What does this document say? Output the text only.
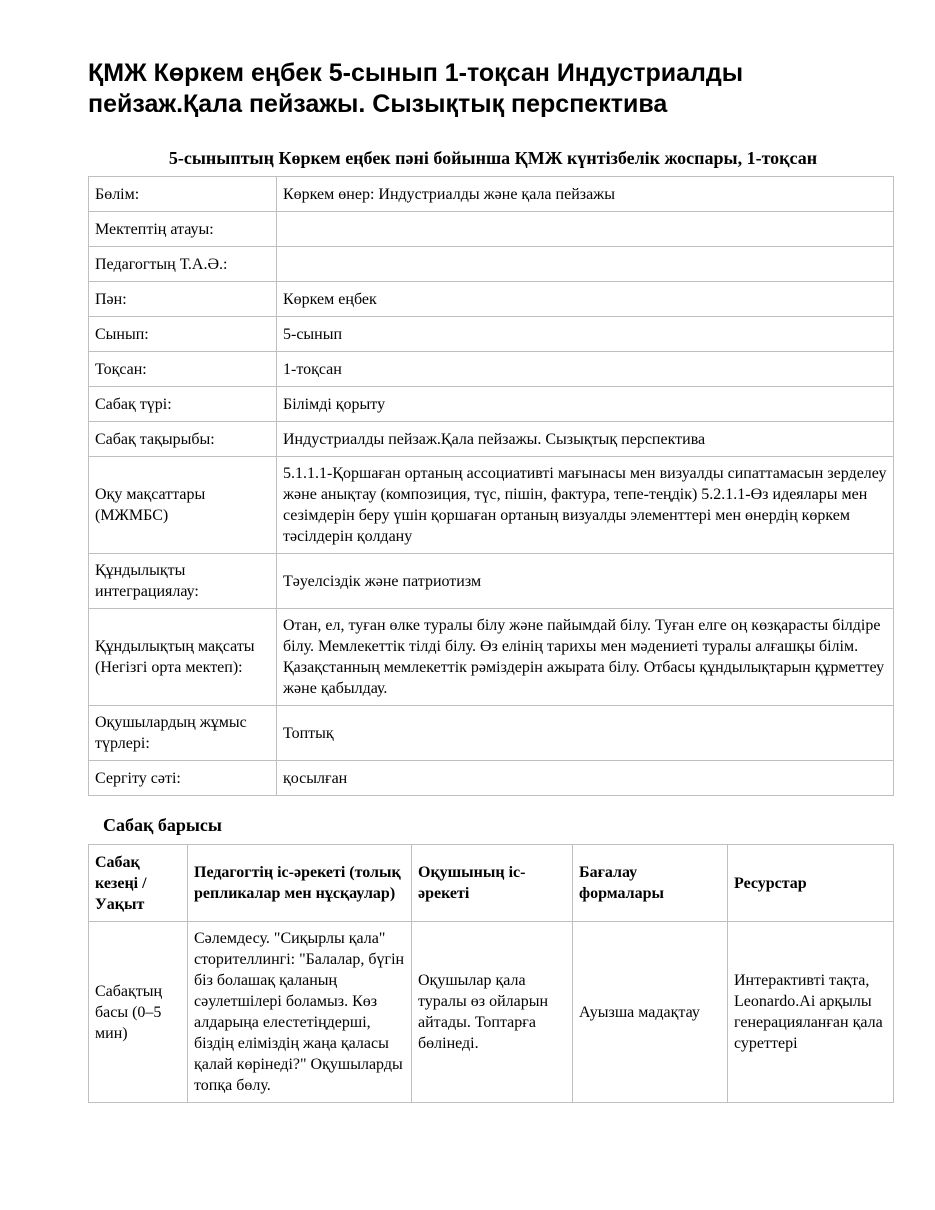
ҚМЖ Көркем еңбек 5-сынып 1-тоқсан Индустриалды пейзаж.Қала пейзажы. Сызықтық перспектива
5-сыныптың Көркем еңбек пәні бойынша ҚМЖ күнтізбелік жоспары, 1-тоқсан
Бөлім:	Көркем өнер: Индустриалды және қала пейзажы
Мектептің атауы:	
Педагогтың Т.А.Ә.:	
Пән:	Көркем еңбек
Сынып:	5-сынып
Тоқсан:	1-тоқсан
Сабақ түрі:	Білімді қорыту
Сабақ тақырыбы:	Индустриалды пейзаж.Қала пейзажы. Сызықтық перспектива
Оқу мақсаттары (МЖМБС)	5.1.1.1-Қоршаған ортаның ассоциативті мағынасы мен визуалды сипаттамасын зерделеу және анықтау (композиция, түс, пішін, фактура, тепе-теңдік) 5.2.1.1-Өз идеялары мен сезімдерін беру үшін қоршаған ортаның визуалды элементтері мен өнердің көркем тәсілдерін қолдану
Құндылықты интеграциялау:	Тәуелсіздік және патриотизм
Құндылықтың мақсаты (Негізгі орта мектеп):	Отан, ел, туған өлке туралы білу және пайымдай білу. Туған елге оң көзқарасты білдіре білу. Мемлекеттік тілді білу. Өз елінің тарихы мен мәдениеті туралы алғашқы білім. Қазақстанның мемлекеттік рәміздерін ажырата білу. Отбасы құндылықтарын құрметтеу және қабылдау.
Оқушылардың жұмыс түрлері:	Топтық
Сергіту сәті:	қосылған
Сабақ барысы
Сабақ кезеңі / Уақыт	Педагогтің іс-әрекеті (толық репликалар мен нұсқаулар)	Оқушының іс-әрекеті	Бағалау формалары	Ресурстар
Сабақтың басы (0–5 мин)	Сәлемдесу. "Сиқырлы қала" сторителлингі: "Балалар, бүгін біз болашақ қаланың сәулетшілері боламыз. Көз алдарыңа елестетіңдерші, біздің еліміздің жаңа қаласы қалай көрінеді?" Оқушыларды топқа бөлу.	Оқушылар қала туралы өз ойларын айтады. Топтарға бөлінеді.	Ауызша мадақтау	Интерактивті тақта, Leonardo.Ai арқылы генерацияланған қала суреттері
